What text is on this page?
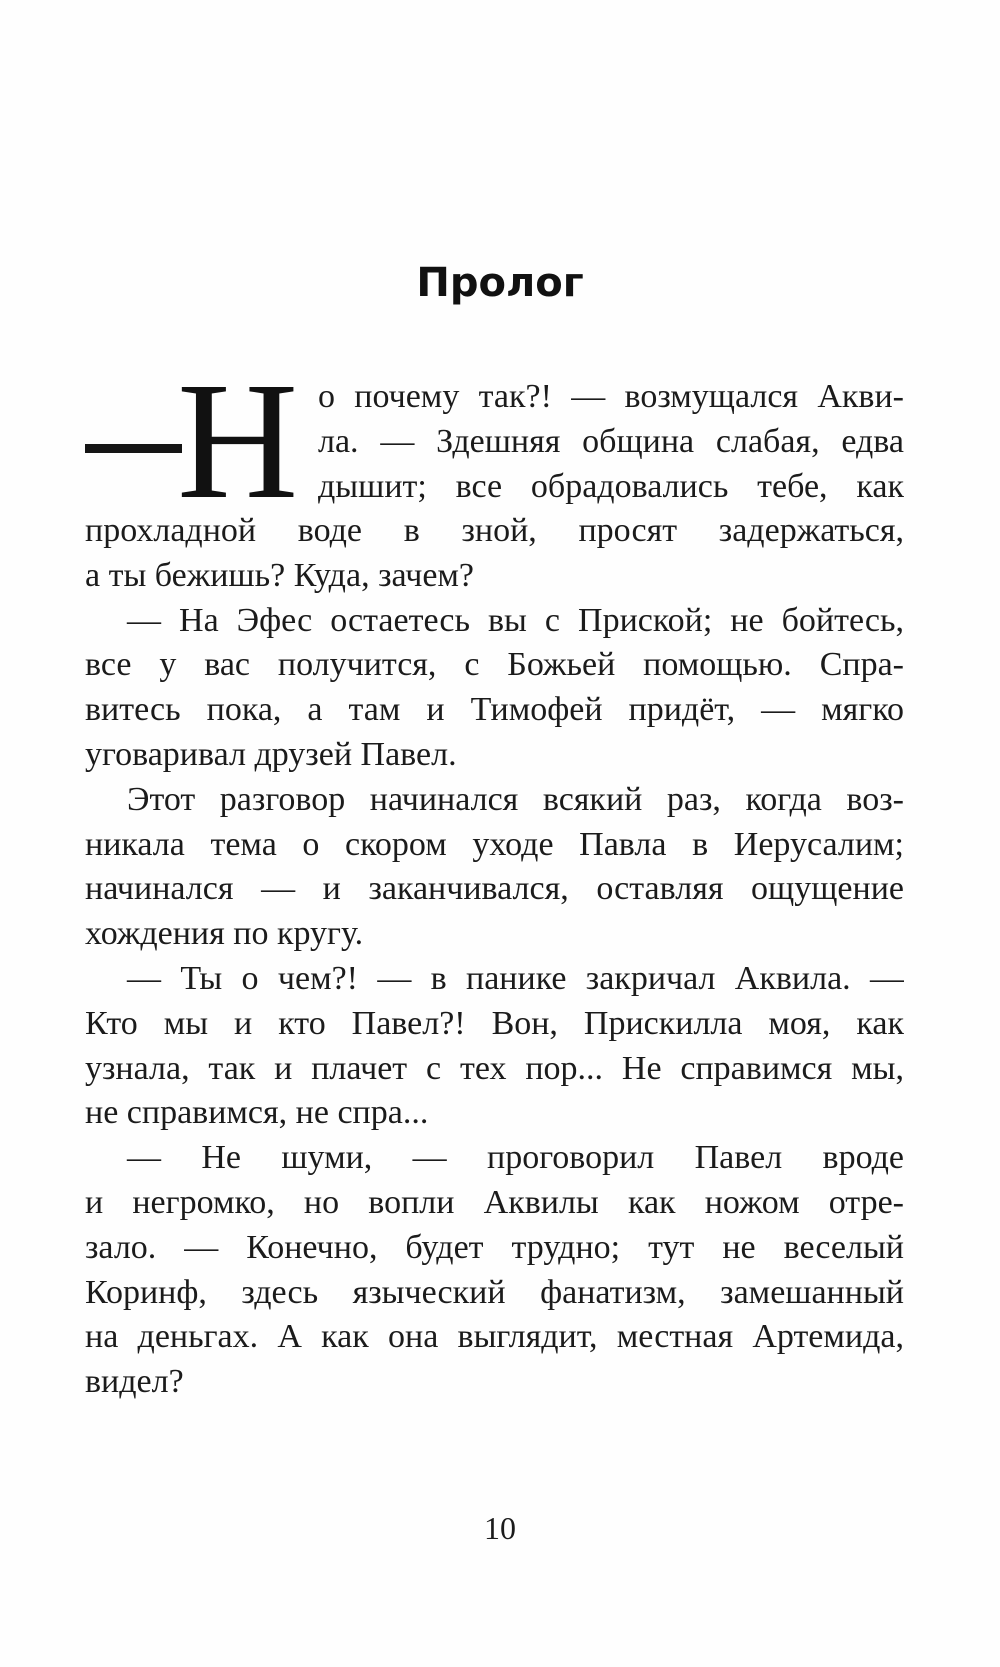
Пролог
Н о почему так?! — возмущался Акви-
ла. — Здешняя община слабая, едва
дышит; все обрадовались тебе, как
прохладной воде в зной, просят задержаться,
а ты бежишь? Куда, зачем?
— На Эфес остаетесь вы с Приской; не бойтесь,
все у вас получится, с Божьей помощью. Спра-
витесь пока, а там и Тимофей придёт, — мягко
уговаривал друзей Павел.
Этот разговор начинался всякий раз, когда воз-
никала тема о скором уходе Павла в Иерусалим;
начинался — и заканчивался, оставляя ощущение
хождения по кругу.
— Ты о чем?! — в панике закричал Аквила. —
Кто мы и кто Павел?! Вон, Прискилла моя, как
узнала, так и плачет с тех пор... Не справимся мы,
не справимся, не спра...
— Не шуми, — проговорил Павел вроде
и негромко, но вопли Аквилы как ножом отре-
зало. — Конечно, будет трудно; тут не веселый
Коринф, здесь языческий фанатизм, замешанный
на деньгах. А как она выглядит, местная Артемида,
видел?
10
